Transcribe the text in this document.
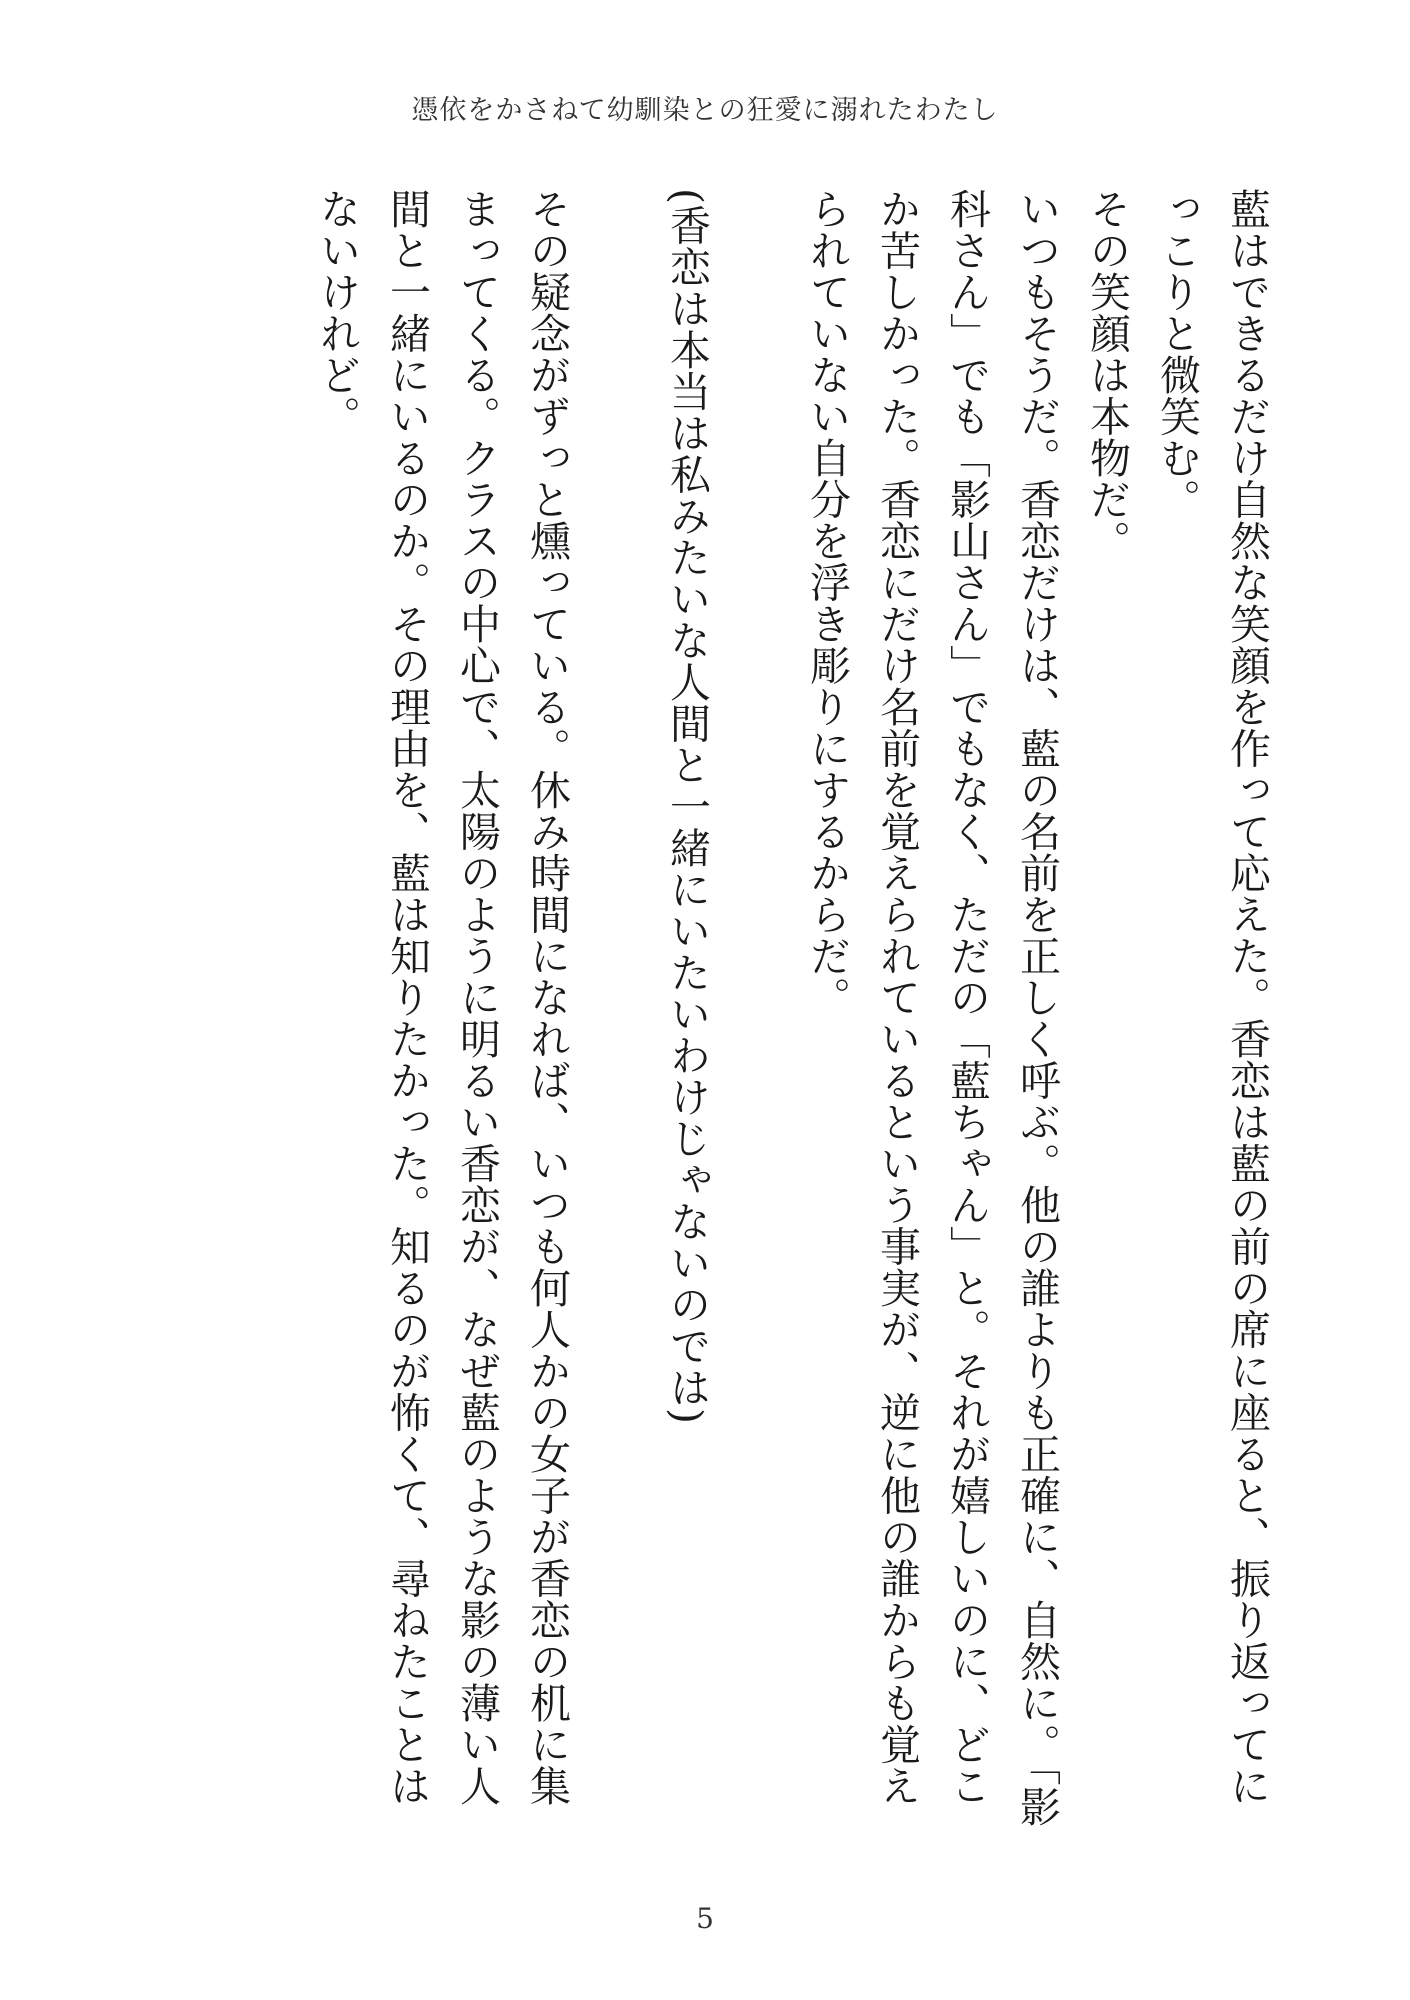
憑依をかさねて幼馴染との狂愛に溺れたわたし

藍はできるだけ自然な笑顔を作って応えた。香恋は藍の前の席に座ると、振り返ってにっこりと微笑む。

その笑顔は本物だ。

いつもそうだ。香恋だけは、藍の名前を正しく呼ぶ。他の誰よりも正確に、自然に。「影科さん」でも「影山さん」でもなく、ただの「藍ちゃん」と。それが嬉しいのに、どこか苦しかった。香恋にだけ名前を覚えられているという事実が、逆に他の誰からも覚えられていない自分を浮き彫りにするからだ。

(香恋は本当は私みたいな人間と一緒にいたいわけじゃないのでは)

その疑念がずっと燻っている。休み時間になれば、いつも何人かの女子が香恋の机に集まってくる。クラスの中心で、太陽のように明るい香恋が、なぜ藍のような影の薄い人間と一緒にいるのか。その理由を、藍は知りたかった。知るのが怖くて、尋ねたことはないけれど。

5
